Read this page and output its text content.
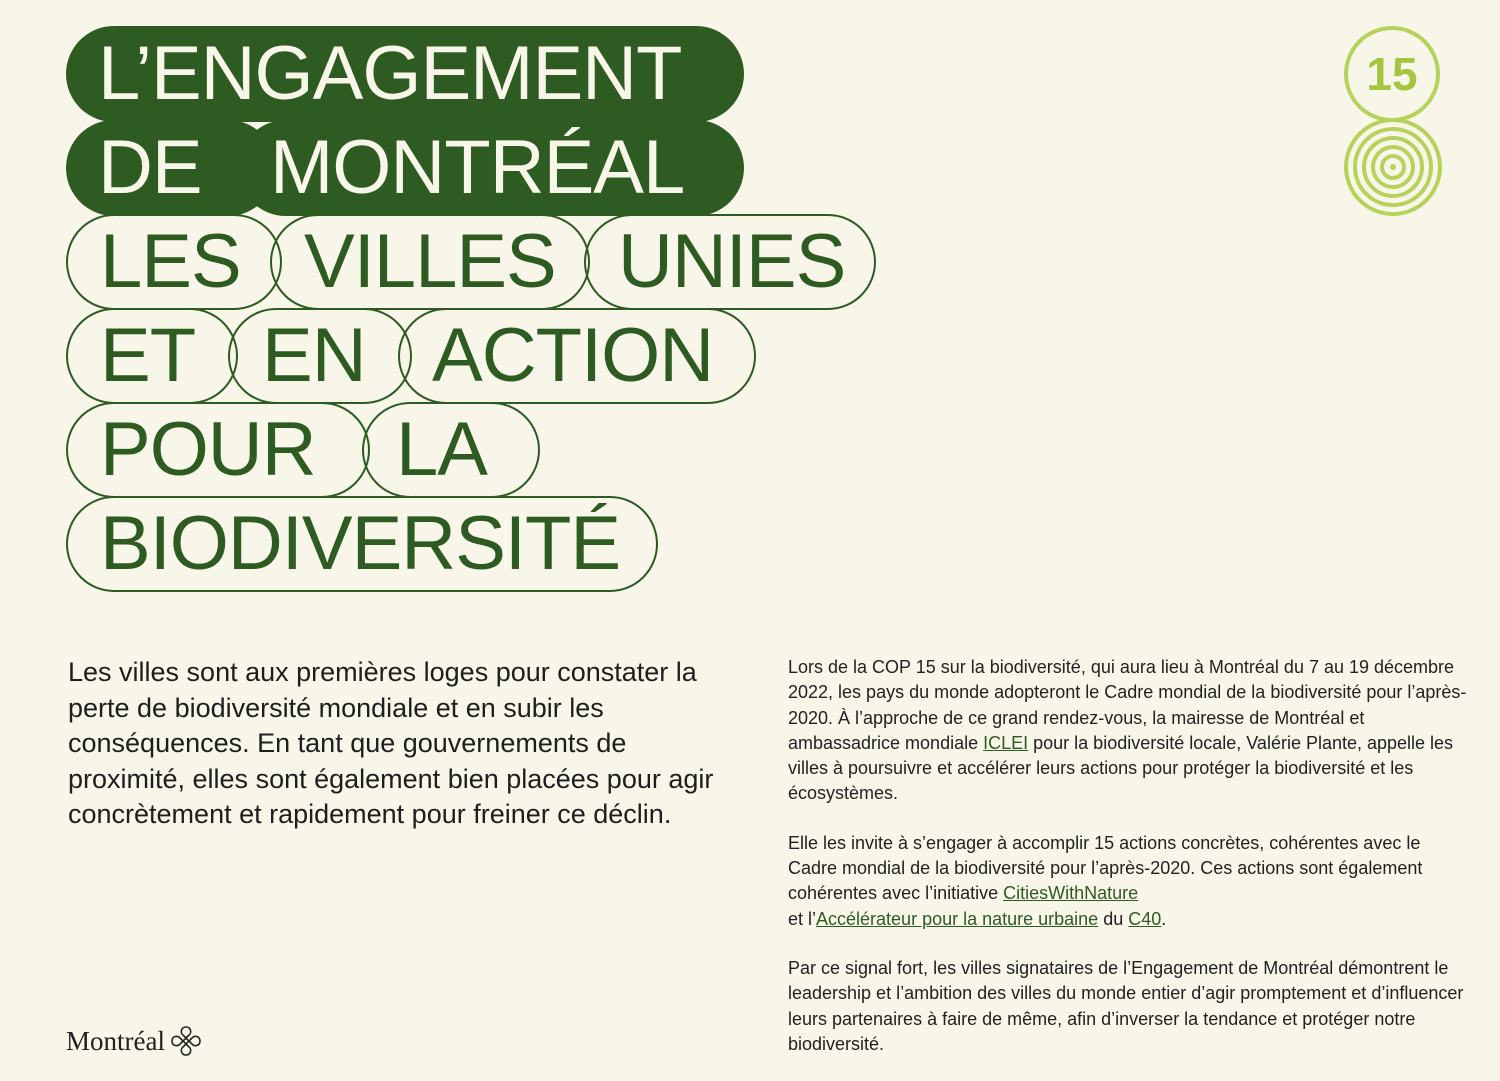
L’ENGAGEMENT
DE MONTRÉAL
LES VILLES UNIES
ET EN ACTION
POUR LA
BIODIVERSITÉ
15

Les villes sont aux premières loges pour constater la perte de biodiversité mondiale et en subir les conséquences. En tant que gouvernements de proximité, elles sont également bien placées pour agir concrètement et rapidement pour freiner ce déclin.

Lors de la COP 15 sur la biodiversité, qui aura lieu à Montréal du 7 au 19 décembre 2022, les pays du monde adopteront le Cadre mondial de la biodiversité pour l’après-2020. À l’approche de ce grand rendez-vous, la mairesse de Montréal et ambassadrice mondiale ICLEI pour la biodiversité locale, Valérie Plante, appelle les villes à poursuivre et accélérer leurs actions pour protéger la biodiversité et les écosystèmes.

Elle les invite à s’engager à accomplir 15 actions concrètes, cohérentes avec le Cadre mondial de la biodiversité pour l’après-2020. Ces actions sont également cohérentes avec l’initiative CitiesWithNature
et l’Accélérateur pour la nature urbaine du C40.

Par ce signal fort, les villes signataires de l’Engagement de Montréal démontrent le leadership et l’ambition des villes du monde entier d’agir promptement et d’influencer leurs partenaires à faire de même, afin d’inverser la tendance et protéger notre biodiversité.

Montréal
